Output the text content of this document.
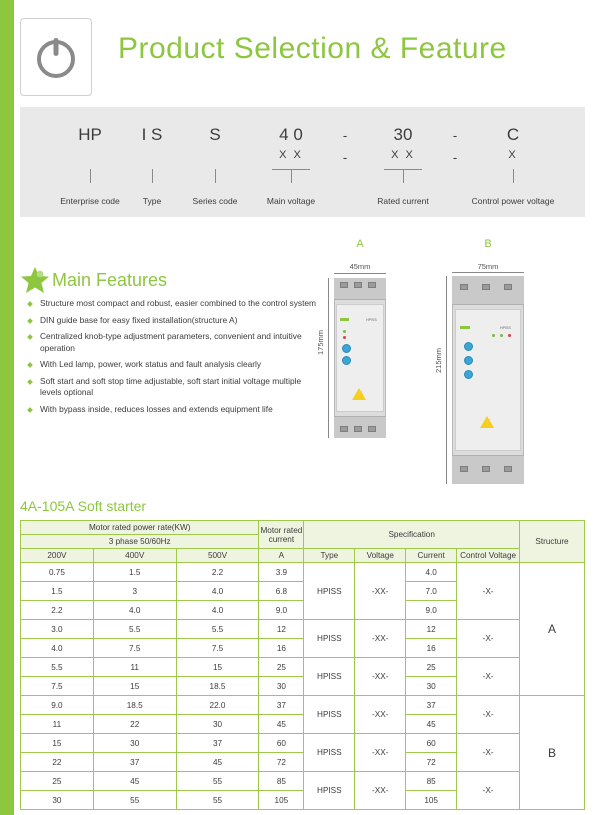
Product Selection & Feature
HP	I S	S	4 0	30	C
-	-
X X	X X	X
-	-
Enterprise code	Type	Series code	Main voltage	Rated current	Control power voltage
Main Features
Structure most compact and robust, easier combined to the control system
DIN guide base for easy fixed installation(structure A)
Centralized knob-type adjustment parameters, convenient and intuitive operation
With Led lamp, power, work status and fault analysis clearly
Soft start and soft stop time adjustable, soft start initial voltage multiple levels optional
With bypass inside, reduces losses and extends equipment life
A
45mm
175mm
HPISS
⚡
B
75mm
215mm
HPISS
⚡
4A-105A Soft starter
Motor rated power rate(KW)			Motor rated current	Specification				Structure
3 phase 50/60Hz								
200V	400V	500V	A	Type	Voltage	Current	Control Voltage	
0.75	1.5	2.2	3.9	HPISS	-XX-	4.0	-X-	A
1.5	3	4.0	6.8			7.0		
2.2	4.0	4.0	9.0			9.0		
3.0	5.5	5.5	12	HPISS	-XX-	12	-X-	
4.0	7.5	7.5	16			16		
5.5	11	15	25	HPISS	-XX-	25	-X-	
7.5	15	18.5	30			30		
9.0	18.5	22.0	37	HPISS	-XX-	37	-X-	B
11	22	30	45			45		
15	30	37	60	HPISS	-XX-	60	-X-	
22	37	45	72			72		
25	45	55	85	HPISS	-XX-	85	-X-	
30	55	55	105			105		
